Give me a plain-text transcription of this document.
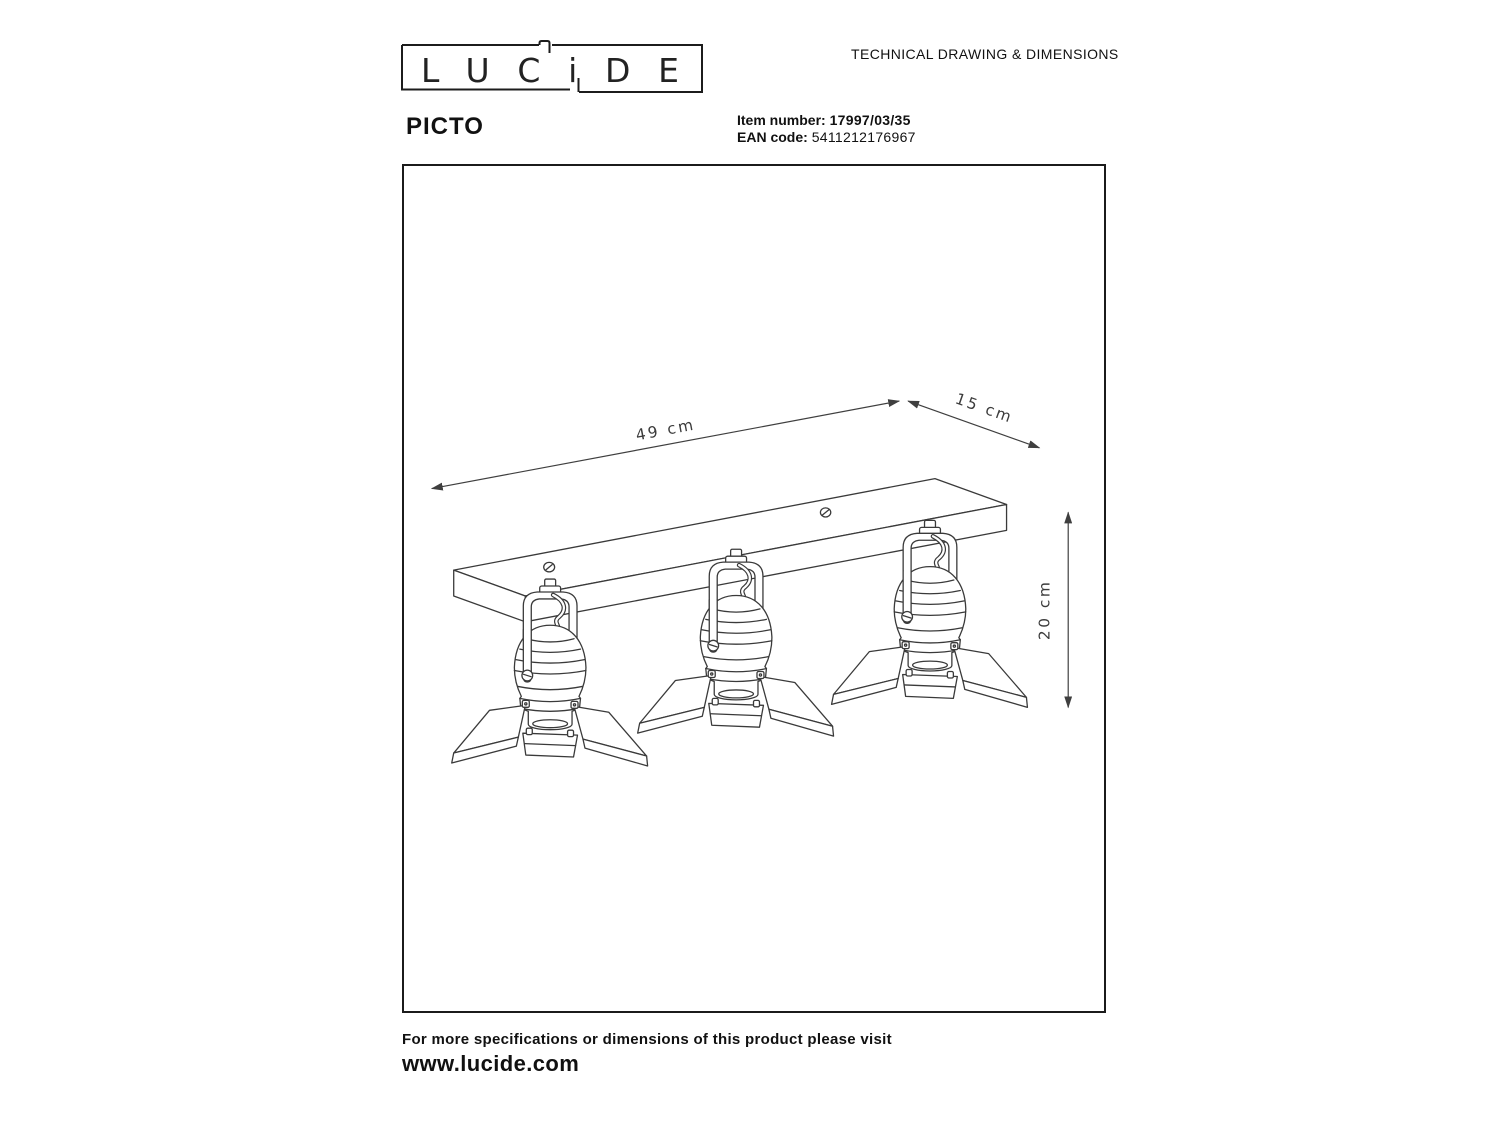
LUCiDE	TECHNICAL DRAWING & DIMENSIONS
PICTO	Item number: 17997/03/35
EAN code: 5411212176967
49 cm
15 cm
20 cm
For more specifications or dimensions of this product please visit
www.lucide.com
